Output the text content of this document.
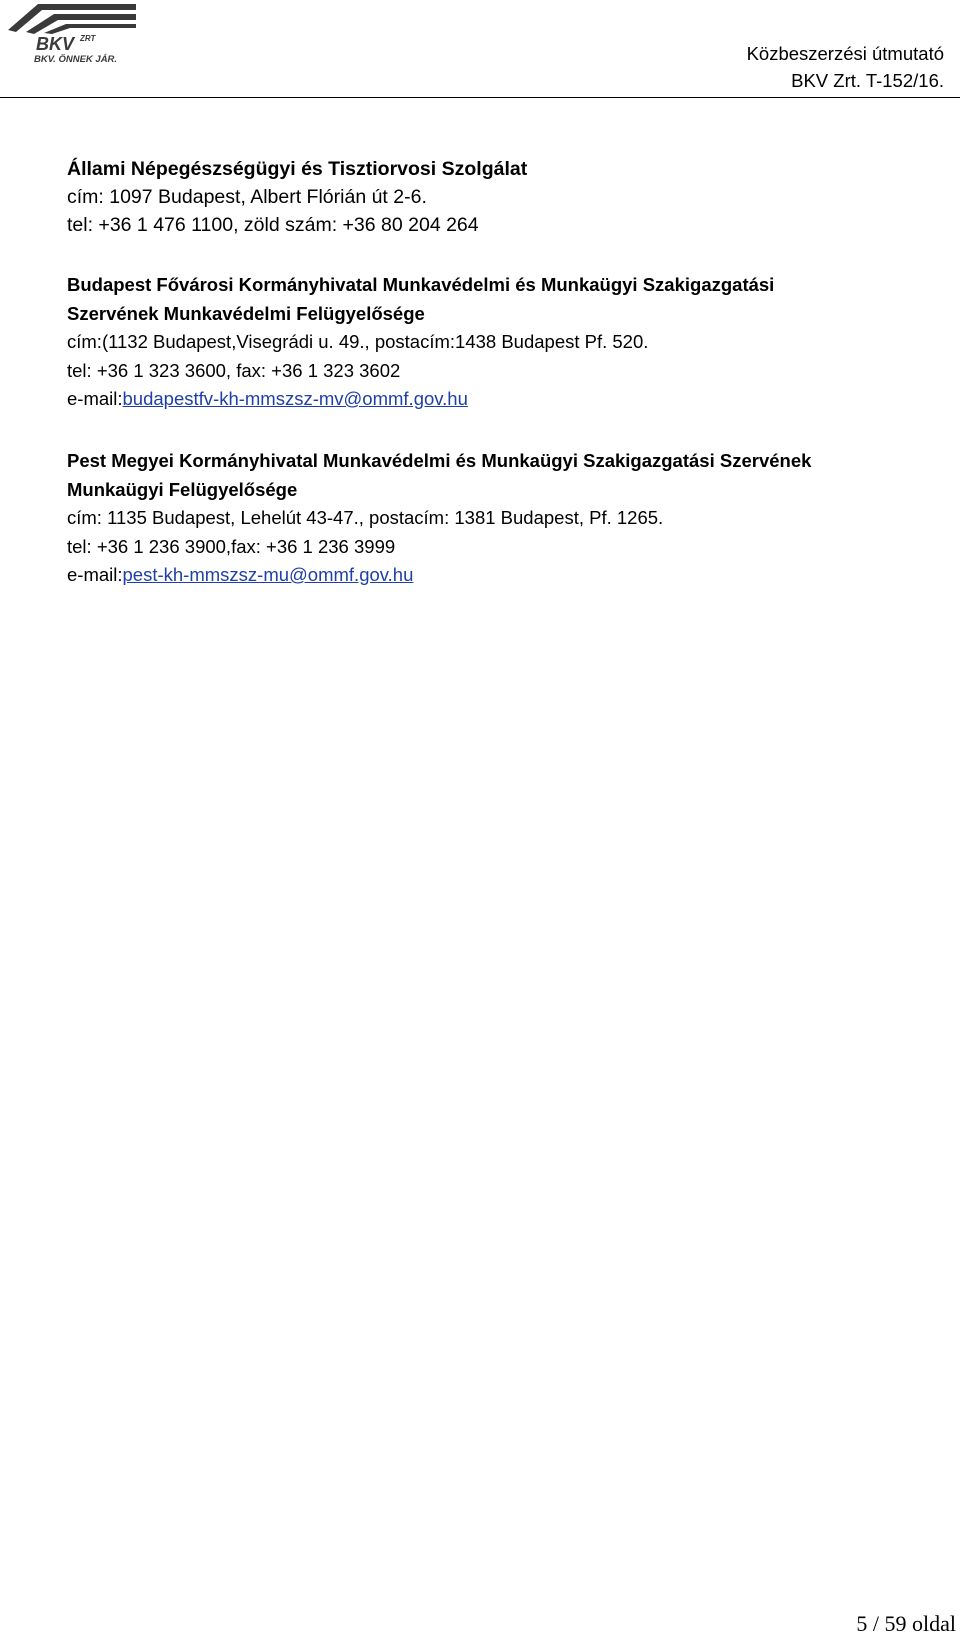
BKV ZRT
BKV. ÖNNEK JÁR.	Közbeszerzési útmutató
BKV Zrt. T-152/16.
Állami Népegészségügyi és Tisztiorvosi Szolgálat
cím: 1097 Budapest, Albert Flórián út 2-6.
tel: +36 1 476 1100, zöld szám: +36 80 204 264
Budapest Fővárosi Kormányhivatal Munkavédelmi és Munkaügyi Szakigazgatási
Szervének Munkavédelmi Felügyelősége
cím:(1132 Budapest,Visegrádi u. 49., postacím:1438 Budapest Pf. 520.
tel: +36 1 323 3600, fax: +36 1 323 3602
e-mail:budapestfv-kh-mmszsz-mv@ommf.gov.hu
Pest Megyei Kormányhivatal Munkavédelmi és Munkaügyi Szakigazgatási Szervének
Munkaügyi Felügyelősége
cím: 1135 Budapest, Lehelút 43-47., postacím: 1381 Budapest, Pf. 1265.
tel: +36 1 236 3900,fax: +36 1 236 3999
e-mail:pest-kh-mmszsz-mu@ommf.gov.hu
5 / 59 oldal
